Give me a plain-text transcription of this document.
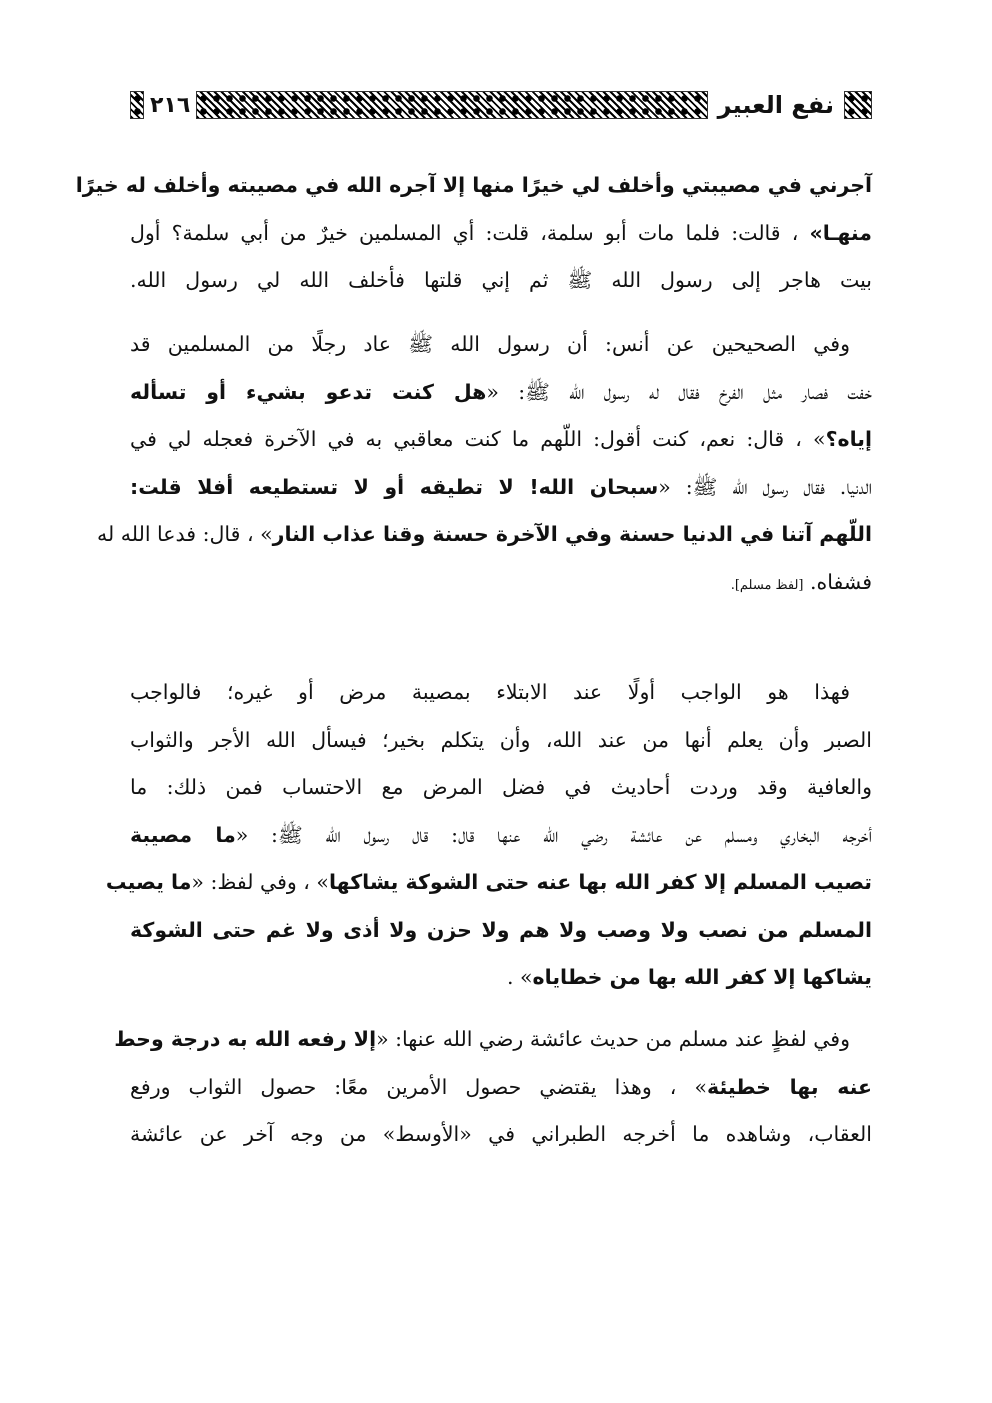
نفع العبير
٢١٦
آجرني في مصيبتي وأخلف لي خيرًا منها إلا آجره الله في مصيبته وأخلف له خيرًا
منهـا» ، قالت: فلما مات أبو سلمة، قلت: أي المسلمين خيرٌ من أبي سلمة؟ أول
بيت هاجر إلى رسول الله ﷺ ثم إني قلتها فأخلف الله لي رسول الله.
وفي الصحيحين عن أنس: أن رسول الله ﷺ عاد رجلًا من المسلمين قد
خفت فصار مثل الفرخ فقال له رسول الله ﷺ: «هل كنت تدعو بشيء أو تسأله
إياه؟» ، قال: نعم، كنت أقول: اللّهم ما كنت معاقبي به في الآخرة فعجله لي في
الدنيا. فقال رسول الله ﷺ: «سبحان الله! لا تطيقه أو لا تستطيعه أفلا قلت:
اللّهم آتنا في الدنيا حسنة وفي الآخرة حسنة وقنا عذاب النار» ، قال: فدعا الله له
فشفاه. [لفظ مسلم].
فهذا هو الواجب أولًا عند الابتلاء بمصيبة مرض أو غيره؛ فالواجب
الصبر وأن يعلم أنها من عند الله، وأن يتكلم بخير؛ فيسأل الله الأجر والثواب
والعافية وقد وردت أحاديث في فضل المرض مع الاحتساب فمن ذلك: ما
أخرجه البخاري ومسلم عن عائشة رضي الله عنها قال: قال رسول الله ﷺ: «ما مصيبة
تصيب المسلم إلا كفر الله بها عنه حتى الشوكة يشاكها» ، وفي لفظ: «ما يصيب
المسلم من نصب ولا وصب ولا هم ولا حزن ولا أذى ولا غم حتى الشوكة
يشاكها إلا كفر الله بها من خطاياه» .
وفي لفظٍ عند مسلم من حديث عائشة رضي الله عنها: «إلا رفعه الله به درجة وحط
عنه بها خطيئة» ، وهذا يقتضي حصول الأمرين معًا: حصول الثواب ورفع
العقاب، وشاهده ما أخرجه الطبراني في «الأوسط» من وجه آخر عن عائشة
